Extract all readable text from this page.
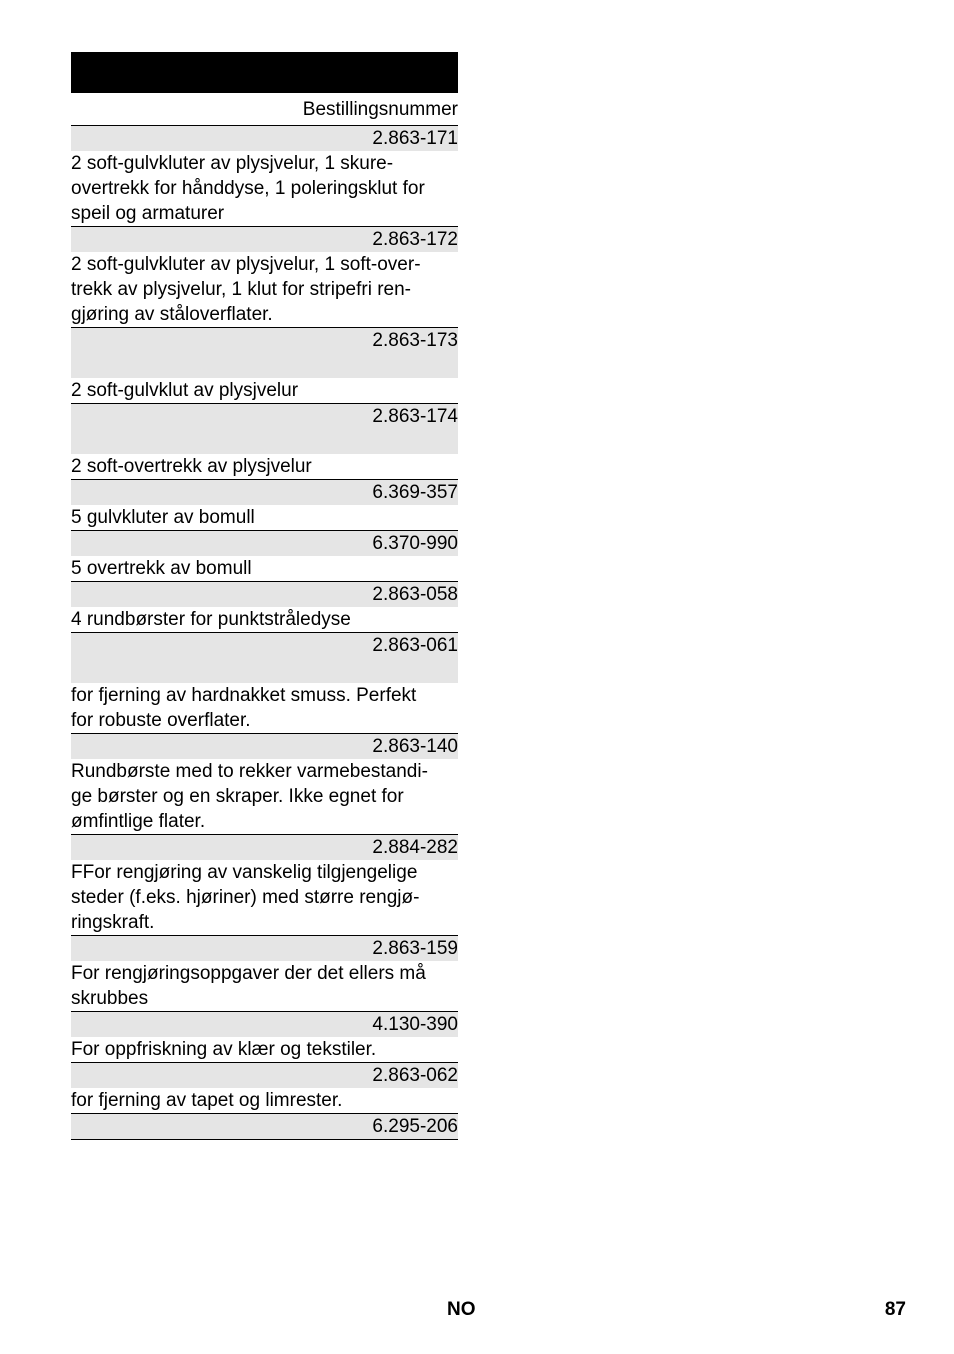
Bestillingsnummer
2.863-171
2 soft-gulvkluter av plysjvelur, 1 skure-
overtrekk for hånddyse, 1 poleringsklut for
speil og armaturer
2.863-172
2 soft-gulvkluter av plysjvelur, 1 soft-over-
trekk av plysjvelur, 1 klut for stripefri ren-
gjøring av ståloverflater.
2.863-173
2 soft-gulvklut av plysjvelur
2.863-174
2 soft-overtrekk av plysjvelur
6.369-357
5 gulvkluter av bomull
6.370-990
5 overtrekk av bomull
2.863-058
4 rundbørster for punktstråledyse
2.863-061
for fjerning av hardnakket smuss. Perfekt
for robuste overflater.
2.863-140
Rundbørste med to rekker varmebestandi-
ge børster og en skraper. Ikke egnet for
ømfintlige flater.
2.884-282
FFor rengjøring av vanskelig tilgjengelige
steder (f.eks. hjøriner) med større rengjø-
ringskraft.
2.863-159
For rengjøringsoppgaver der det ellers må
skrubbes
4.130-390
For oppfriskning av klær og tekstiler.
2.863-062
for fjerning av tapet og limrester.
6.295-206
NO	87
